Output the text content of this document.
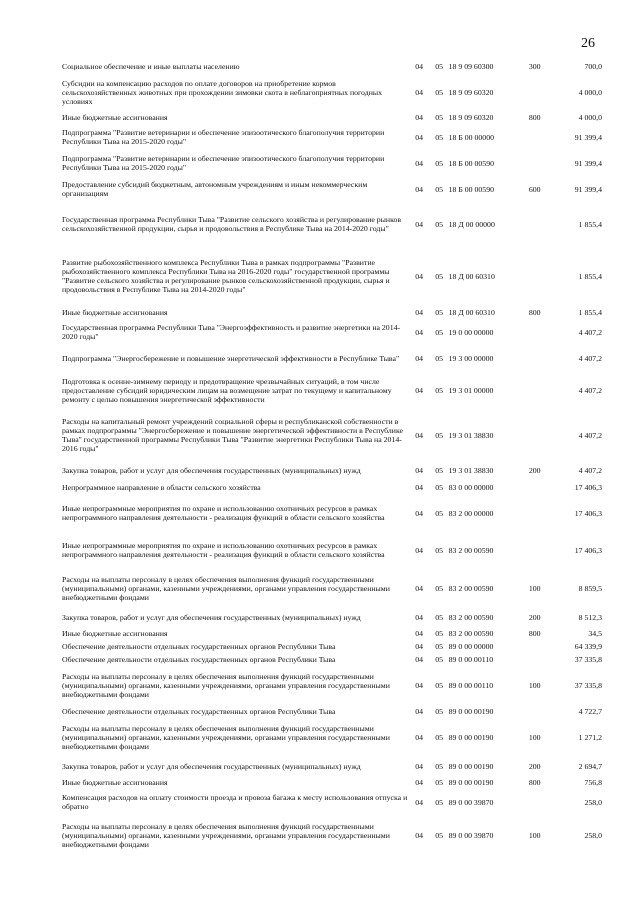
26
Социальное обеспечение и иные выплаты населению	04	05	18 9 09 60300	300	700,0
Субсидии на компенсацию расходов по оплате договоров на приобретение кормов сельскохозяйственных животных при прохождении зимовки скота в неблагоприятных погодных условиях	04	05	18 9 09 60320		4 000,0
Иные бюджетные ассигнования	04	05	18 9 09 60320	800	4 000,0
Подпрограмма "Развитие ветеринарии и обеспечение эпизоотического благополучия территории Республики Тыва на 2015-2020 годы"	04	05	18 Б 00 00000		91 399,4
Подпрограмма "Развитие ветеринарии и обеспечение эпизоотического благополучия территории Республики Тыва на 2015-2020 годы"	04	05	18 Б 00 00590		91 399,4
Предоставление субсидий бюджетным, автономным учреждениям и иным некоммерческим организациям	04	05	18 Б 00 00590	600	91 399,4
Государственная программа Республики Тыва "Развитие сельского хозяйства и регулирование рынков сельскохозяйственной продукции, сырья и продовольствия в Республике Тыва на 2014-2020 годы"	04	05	18 Д 00 00000		1 855,4
Развитие рыбохозяйственного комплекса Республики Тыва в рамках подпрограммы "Развитие рыбохозяйственного комплекса Республики Тыва на 2016-2020 годы" государственной программы "Развитие сельского хозяйства и регулирование рынков сельскохозяйственной продукции, сырья и продовольствия в Республике Тыва на 2014-2020 годы"	04	05	18 Д 00 60310		1 855,4
Иные бюджетные ассигнования	04	05	18 Д 00 60310	800	1 855,4
Государственная программа Республики Тыва "Энергоэффективность и развитие энергетики на 2014-2020 годы"	04	05	19 0 00 00000		4 407,2
Подпрограмма "Энергосбережение и повышение энергетической эффективности в Республике Тыва"	04	05	19 3 00 00000		4 407,2
Подготовка к осенне-зимнему периоду и предотвращение чрезвычайных ситуаций, в том числе предоставление субсидий юридическим лицам на возмещение затрат по текущему и капитальному ремонту с целью повышения энергетической эффективности	04	05	19 3 01 00000		4 407,2
Расходы на капитальный ремонт учреждений социальной сферы и республиканской собственности в рамках подпрограммы "Энергосбережение и повышение энергетической эффективности в Республике Тыва" государственной программы Республики Тыва "Развитие энергетики Республики Тыва на 2014-2016 годы"	04	05	19 3 01 38830		4 407,2
Закупка товаров, работ и услуг для обеспечения государственных (муниципальных) нужд	04	05	19 3 01 38830	200	4 407,2
Непрограммное направление в области сельского хозяйства	04	05	83 0 00 00000		17 406,3
Иные непрограммные мероприятия по охране и использованию охотничьих ресурсов в рамках непрограммного направления деятельности - реализация функций в области сельского хозяйства	04	05	83 2 00 00000		17 406,3
Иные непрограммные мероприятия по охране и использованию охотничьих ресурсов в рамках непрограммного направления деятельности - реализация функций в области сельского хозяйства	04	05	83 2 00 00590		17 406,3
Расходы на выплаты персоналу в целях обеспечения выполнения функций государственными (муниципальными) органами, казенными учреждениями, органами управления государственными внебюджетными фондами	04	05	83 2 00 00590	100	8 859,5
Закупка товаров, работ и услуг для обеспечения государственных (муниципальных) нужд	04	05	83 2 00 00590	200	8 512,3
Иные бюджетные ассигнования	04	05	83 2 00 00590	800	34,5
Обеспечение деятельности отдельных государственных органов Республики Тыва	04	05	89 0 00 00000		64 339,9
Обеспечение деятельности отдельных государственных органов Республики Тыва	04	05	89 0 00 00110		37 335,8
Расходы на выплаты персоналу в целях обеспечения выполнения функций государственными (муниципальными) органами, казенными учреждениями, органами управления государственными внебюджетными фондами	04	05	89 0 00 00110	100	37 335,8
Обеспечение деятельности отдельных государственных органов Республики Тыва	04	05	89 0 00 00190		4 722,7
Расходы на выплаты персоналу в целях обеспечения выполнения функций государственными (муниципальными) органами, казенными учреждениями, органами управления государственными внебюджетными фондами	04	05	89 0 00 00190	100	1 271,2
Закупка товаров, работ и услуг для обеспечения государственных (муниципальных) нужд	04	05	89 0 00 00190	200	2 694,7
Иные бюджетные ассигнования	04	05	89 0 00 00190	800	756,8
Компенсация расходов на оплату стоимости проезда и провоза багажа к месту использования отпуска и обратно	04	05	89 0 00 39870		258,0
Расходы на выплаты персоналу в целях обеспечения выполнения функций государственными (муниципальными) органами, казенными учреждениями, органами управления государственными внебюджетными фондами	04	05	89 0 00 39870	100	258,0
